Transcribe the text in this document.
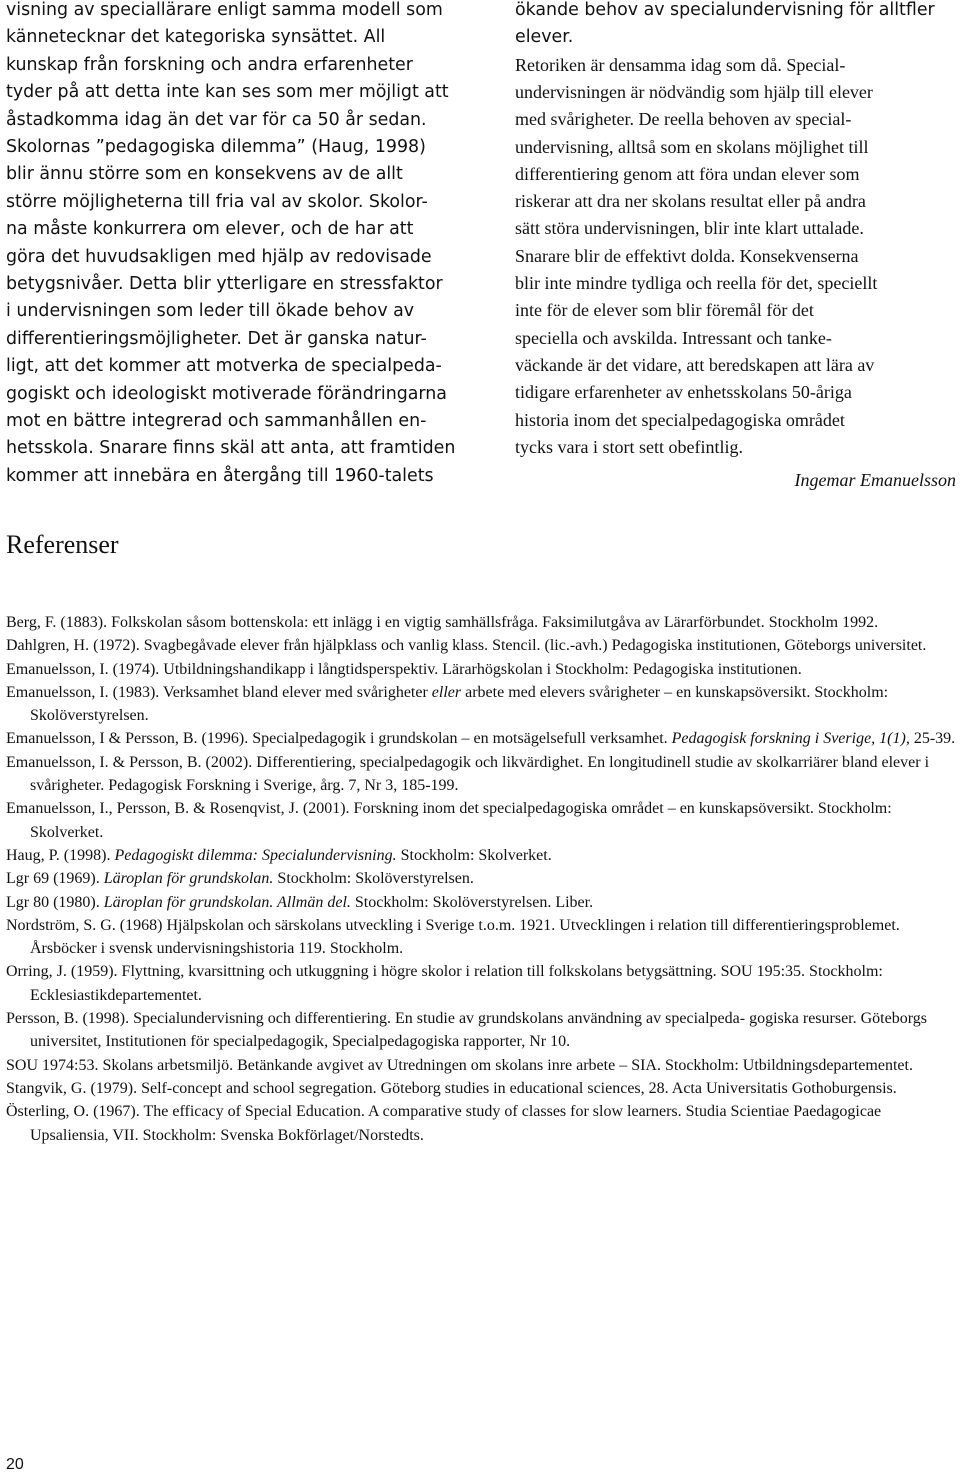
visning av speciallärare enligt samma modell som
kännetecknar det kategoriska synsättet. All
kunskap från forskning och andra erfarenheter
tyder på att detta inte kan ses som mer möjligt att
åstadkomma idag än det var för ca 50 år sedan.
Skolornas ”pedagogiska dilemma” (Haug, 1998)
blir ännu större som en konsekvens av de allt
större möjligheterna till fria val av skolor. Skolor-
na måste konkurrera om elever, och de har att
göra det huvudsakligen med hjälp av redovisade
betygsnivåer. Detta blir ytterligare en stressfaktor
i undervisningen som leder till ökade behov av
differentieringsmöjligheter. Det är ganska natur-
ligt, att det kommer att motverka de specialpeda-
gogiskt och ideologiskt motiverade förändringarna
mot en bättre integrerad och sammanhållen en-
hetsskola. Snarare finns skäl att anta, att framtiden
kommer att innebära en återgång till 1960-talets
ökande behov av specialundervisning för alltfler
elever.
Retoriken är densamma idag som då. Special-
undervisningen är nödvändig som hjälp till elever
med svårigheter. De reella behoven av special-
undervisning, alltså som en skolans möjlighet till
differentiering genom att föra undan elever som
riskerar att dra ner skolans resultat eller på andra
sätt störa undervisningen, blir inte klart uttalade.
Snarare blir de effektivt dolda. Konsekvenserna
blir inte mindre tydliga och reella för det, speciellt
inte för de elever som blir föremål för det
speciella och avskilda. Intressant och tanke-
väckande är det vidare, att beredskapen att lära av
tidigare erfarenheter av enhetsskolans 50-åriga
historia inom det specialpedagogiska området
tycks vara i stort sett obefintlig.
Ingemar Emanuelsson
Referenser

Berg, F. (1883). Folkskolan såsom bottenskola: ett inlägg i en vigtig samhällsfråga. Faksimilutgåva av Lärarförbundet. Stockholm 1992.

Dahlgren, H. (1972). Svagbegåvade elever från hjälpklass och vanlig klass. Stencil. (lic.-avh.) Pedagogiska institutionen, Göteborgs universitet.

Emanuelsson, I. (1974). Utbildningshandikapp i långtidsperspektiv. Lärarhögskolan i Stockholm: Pedagogiska institutionen.

Emanuelsson, I. (1983). Verksamhet bland elever med svårigheter eller arbete med elevers svårigheter – en kunskapsöversikt. Stockholm: Skolöverstyrelsen.

Emanuelsson, I & Persson, B. (1996). Specialpedagogik i grundskolan – en motsägelsefull verksamhet. Pedagogisk forskning i Sverige, 1(1), 25-39.

Emanuelsson, I. & Persson, B. (2002). Differentiering, specialpedagogik och likvärdighet. En longitudinell studie av skolkarriärer bland elever i svårigheter. Pedagogisk Forskning i Sverige, årg. 7, Nr 3, 185-199.

Emanuelsson, I., Persson, B. & Rosenqvist, J. (2001). Forskning inom det specialpedagogiska området – en kunskapsöversikt. Stockholm: Skolverket.

Haug, P. (1998). Pedagogiskt dilemma: Specialundervisning. Stockholm: Skolverket.

Lgr 69 (1969). Läroplan för grundskolan. Stockholm: Skolöverstyrelsen.

Lgr 80 (1980). Läroplan för grundskolan. Allmän del. Stockholm: Skolöverstyrelsen. Liber.

Nordström, S. G. (1968) Hjälpskolan och särskolans utveckling i Sverige t.o.m. 1921. Utvecklingen i relation till differentieringsproblemet. Årsböcker i svensk undervisningshistoria 119. Stockholm.

Orring, J. (1959). Flyttning, kvarsittning och utkuggning i högre skolor i relation till folkskolans betygsättning. SOU 195:35. Stockholm: Ecklesiastikdepartementet.

Persson, B. (1998). Specialundervisning och differentiering. En studie av grundskolans användning av specialpeda- gogiska resurser. Göteborgs universitet, Institutionen för specialpedagogik, Specialpedagogiska rapporter, Nr 10.

SOU 1974:53. Skolans arbetsmiljö. Betänkande avgivet av Utredningen om skolans inre arbete – SIA. Stockholm: Utbildningsdepartementet.

Stangvik, G. (1979). Self-concept and school segregation. Göteborg studies in educational sciences, 28. Acta Universitatis Gothoburgensis.

Österling, O. (1967). The efficacy of Special Education. A comparative study of classes for slow learners. Studia Scientiae Paedagogicae Upsaliensia, VII. Stockholm: Svenska Bokförlaget/Norstedts.

20
